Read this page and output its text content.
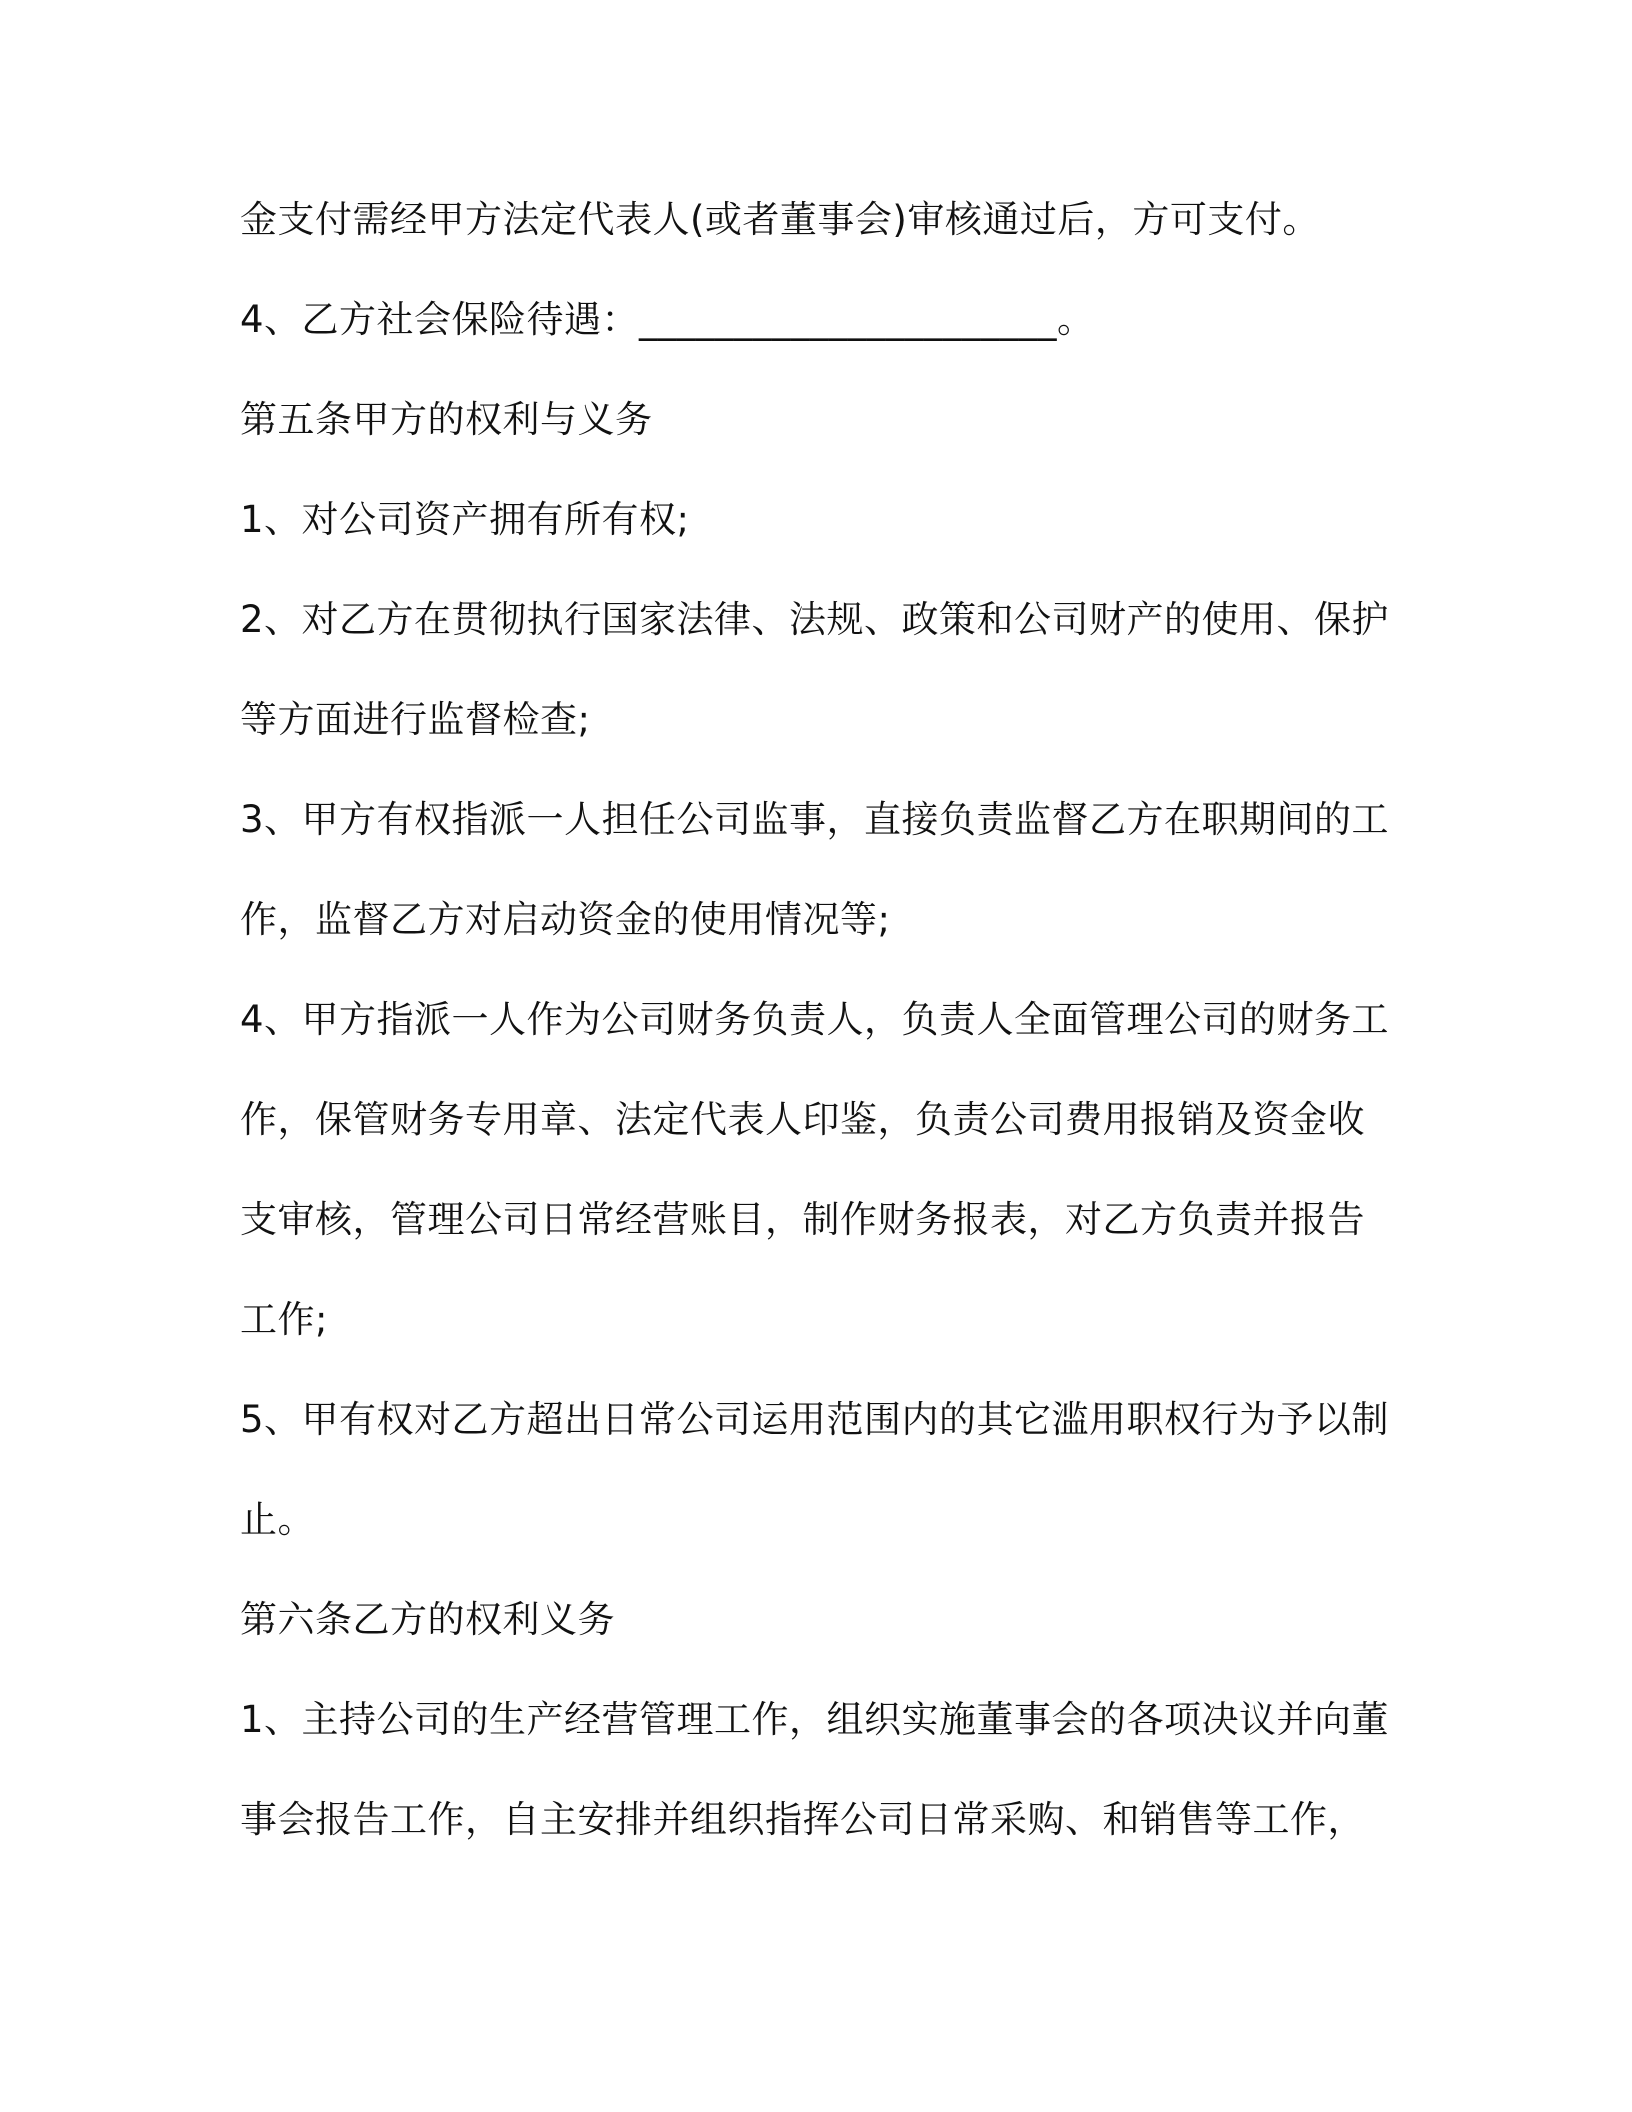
金支付需经甲方法定代表人(或者董事会)审核通过后，方可支付。
4、乙方社会保险待遇：______________________。
第五条甲方的权利与义务
1、对公司资产拥有所有权;
2、对乙方在贯彻执行国家法律、法规、政策和公司财产的使用、保护
等方面进行监督检查;
3、甲方有权指派一人担任公司监事，直接负责监督乙方在职期间的工
作，监督乙方对启动资金的使用情况等;
4、甲方指派一人作为公司财务负责人，负责人全面管理公司的财务工
作，保管财务专用章、法定代表人印鉴，负责公司费用报销及资金收
支审核，管理公司日常经营账目，制作财务报表，对乙方负责并报告
工作;
5、甲有权对乙方超出日常公司运用范围内的其它滥用职权行为予以制
止。
第六条乙方的权利义务
1、主持公司的生产经营管理工作，组织实施董事会的各项决议并向董
事会报告工作，自主安排并组织指挥公司日常采购、和销售等工作，
